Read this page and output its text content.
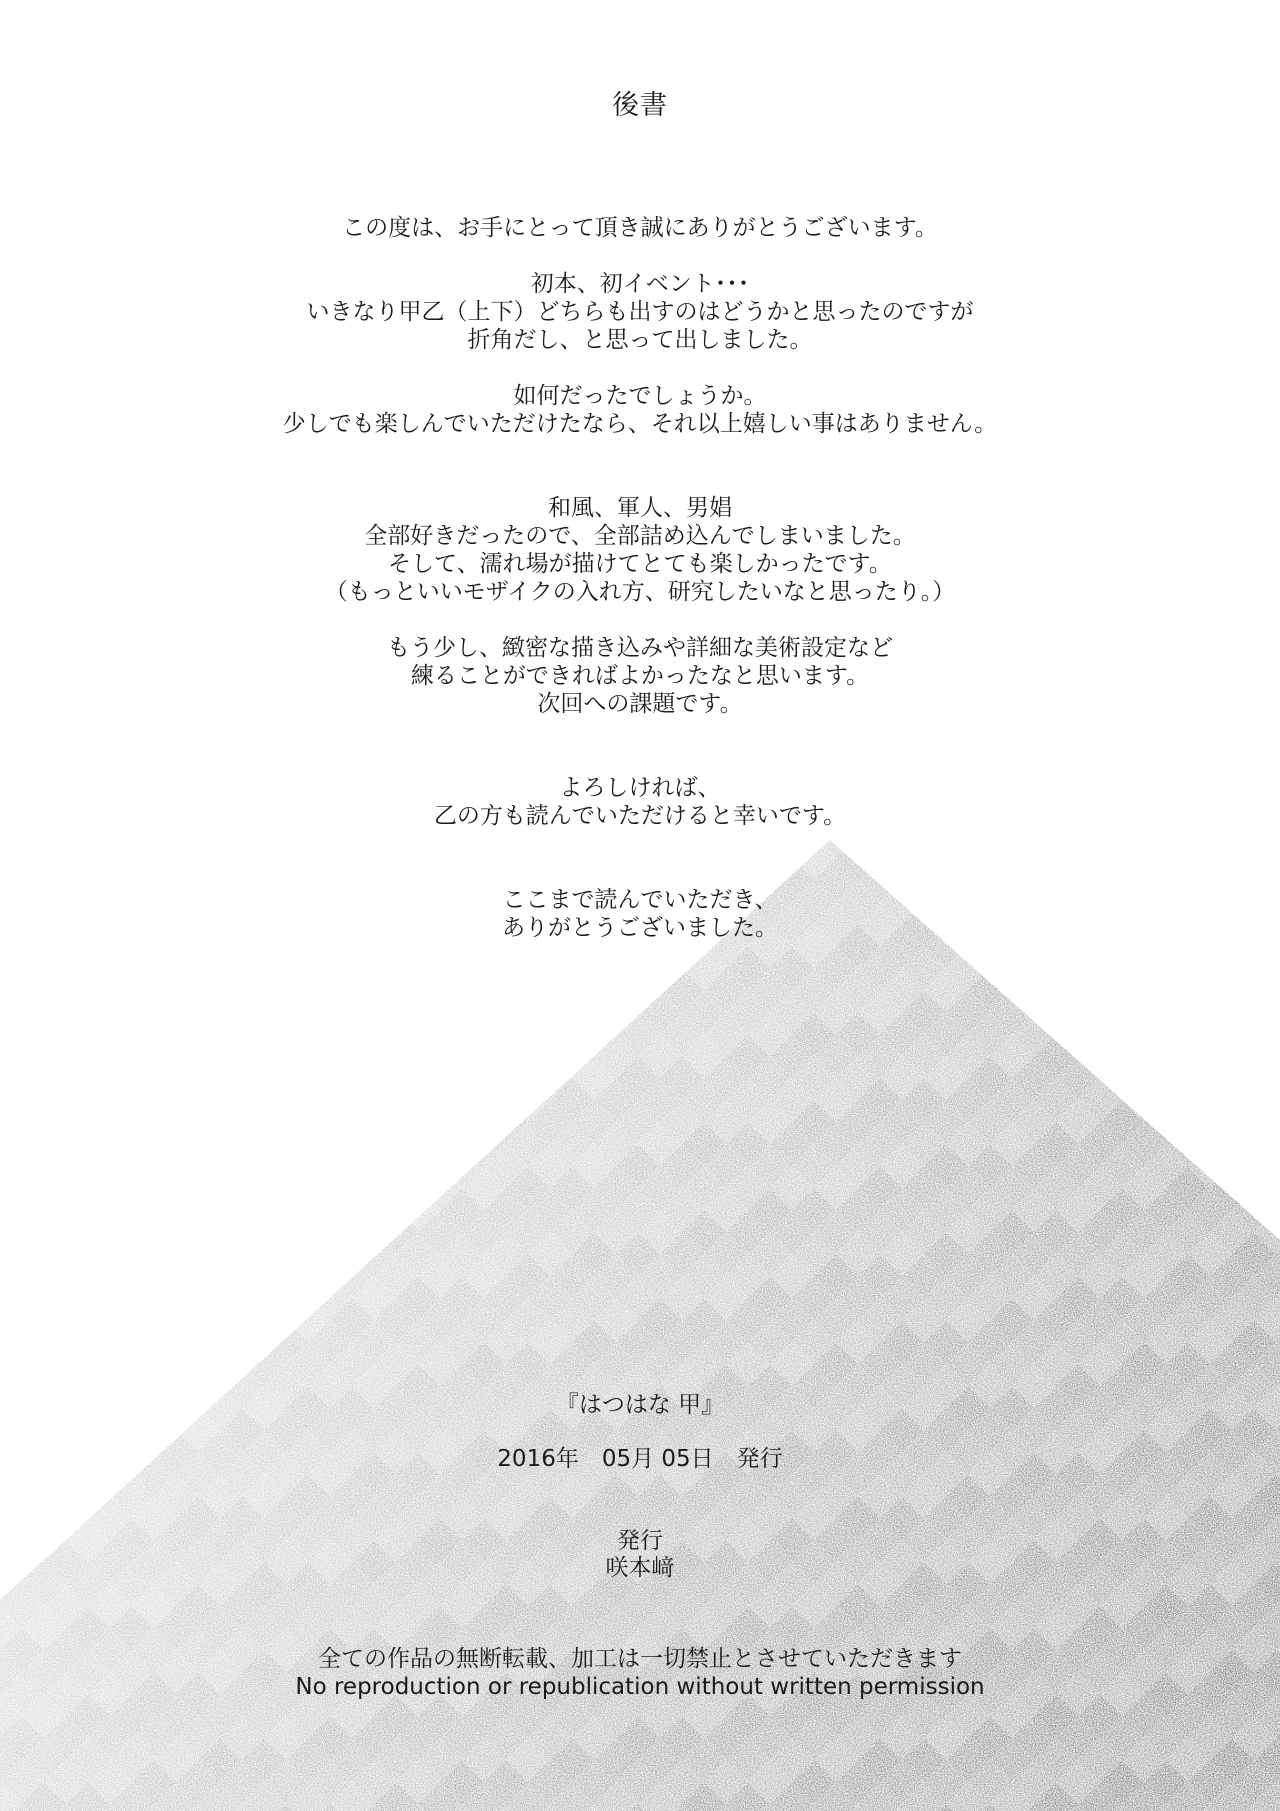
後書
この度は、お手にとって頂き誠にありがとうございます。
初本、初イベント･･･
いきなり甲乙（上下）どちらも出すのはどうかと思ったのですが
折角だし、と思って出しました。
如何だったでしょうか。
少しでも楽しんでいただけたなら、それ以上嬉しい事はありません。
和風、軍人、男娼
全部好きだったので、全部詰め込んでしまいました。
そして、濡れ場が描けてとても楽しかったです。
（もっといいモザイクの入れ方、研究したいなと思ったり。）
もう少し、緻密な描き込みや詳細な美術設定など
練ることができればよかったなと思います。
次回への課題です。
よろしければ、
乙の方も読んでいただけると幸いです。
ここまで読んでいただき、
ありがとうございました。
『はつはな 甲』
2016年　05月 05日　発行
発行
咲本﨑
全ての作品の無断転載、加工は一切禁止とさせていただきます
No reproduction or republication without written permission
